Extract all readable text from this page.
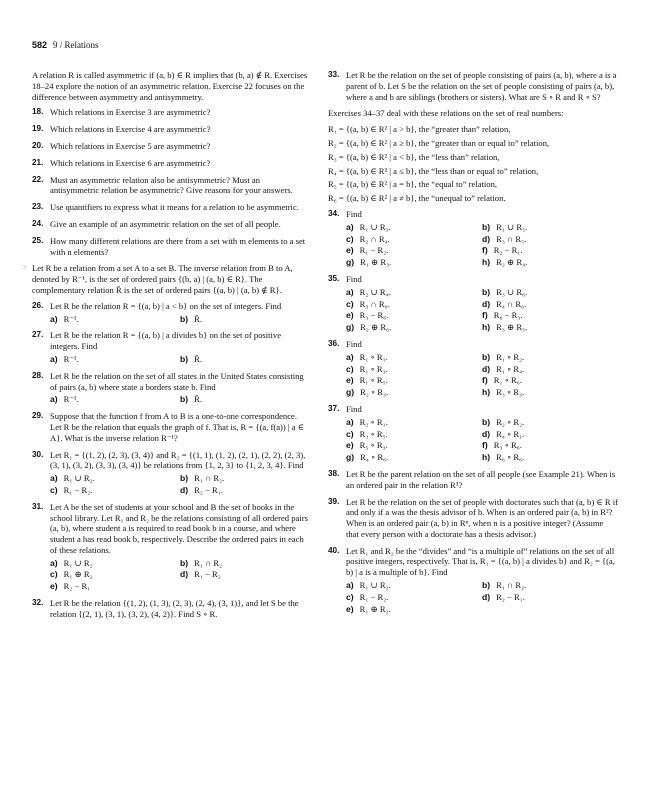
582 9 / Relations

A relation R is called asymmetric if (a, b) ∈ R implies that (b, a) ∉ R. Exercises 18–24 explore the notion of an asymmetric relation. Exercise 22 focuses on the difference between asymmetry and antisymmetry.

18. Which relations in Exercise 3 are asymmetric?
19. Which relations in Exercise 4 are asymmetric?
20. Which relations in Exercise 5 are asymmetric?
21. Which relations in Exercise 6 are asymmetric?
22. Must an asymmetric relation also be antisymmetric? Must an antisymmetric relation be asymmetric? Give reasons for your answers.
23. Use quantifiers to express what it means for a relation to be asymmetric.
24. Give an example of an asymmetric relation on the set of all people.
25. How many different relations are there from a set with m elements to a set with n elements?

☞ Let R be a relation from a set A to a set B. The inverse relation from B to A, denoted by R⁻¹, is the set of ordered pairs {(b, a) | (a, b) ∈ R}. The complementary relation R̄ is the set of ordered pairs {(a, b) | (a, b) ∉ R}.

26. Let R be the relation R = {(a, b) | a < b} on the set of integers. Find
a) R⁻¹.	b) R̄.
27. Let R be the relation R = {(a, b) | a divides b} on the set of positive integers. Find
a) R⁻¹.	b) R̄.
28. Let R be the relation on the set of all states in the United States consisting of pairs (a, b) where state a borders state b. Find
a) R⁻¹.	b) R̄.
29. Suppose that the function f from A to B is a one-to-one correspondence. Let R be the relation that equals the graph of f. That is, R = {(a, f(a)) | a ∈ A}. What is the inverse relation R⁻¹?
30. Let R₁ = {(1, 2), (2, 3), (3, 4)} and R₂ = {(1, 1), (1, 2), (2, 1), (2, 2), (2, 3), (3, 1), (3, 2), (3, 3), (3, 4)} be relations from {1, 2, 3} to {1, 2, 3, 4}. Find
a) R₁ ∪ R₂.	b) R₁ ∩ R₂.
c) R₁ − R₂.	d) R₂ − R₁.
31. Let A be the set of students at your school and B the set of books in the school library. Let R₁ and R₂ be the relations consisting of all ordered pairs (a, b), where student a is required to read book b in a course, and where student a has read book b, respectively. Describe the ordered pairs in each of these relations.
a) R₁ ∪ R₂	b) R₁ ∩ R₂
c) R₁ ⊕ R₂	d) R₁ − R₂
e) R₂ − R₁
32. Let R be the relation {(1, 2), (1, 3), (2, 3), (2, 4), (3, 1)}, and let S be the relation {(2, 1), (3, 1), (3, 2), (4, 2)}. Find S ∘ R.
33. Let R be the relation on the set of people consisting of pairs (a, b), where a is a parent of b. Let S be the relation on the set of people consisting of pairs (a, b), where a and b are siblings (brothers or sisters). What are S ∘ R and R ∘ S?

Exercises 34–37 deal with these relations on the set of real numbers:

R₁ = {(a, b) ∈ R² | a > b}, the “greater than” relation,
R₂ = {(a, b) ∈ R² | a ≥ b}, the “greater than or equal to” relation,
R₃ = {(a, b) ∈ R² | a < b}, the “less than” relation,
R₄ = {(a, b) ∈ R² | a ≤ b}, the “less than or equal to” relation,
R₅ = {(a, b) ∈ R² | a = b}, the “equal to” relation,
R₆ = {(a, b) ∈ R² | a ≠ b}, the “unequal to” relation.
34. Find
a) R₁ ∪ R₃.	b) R₁ ∪ R₅.
c) R₂ ∩ R₄.	d) R₃ ∩ R₅.
e) R₁ − R₂.	f) R₂ − R₁.
g) R₁ ⊕ R₃.	h) R₂ ⊕ R₄.
35. Find
a) R₂ ∪ R₄.	b) R₃ ∪ R₆.
c) R₃ ∩ R₆.	d) R₄ ∩ R₆.
e) R₃ − R₆.	f) R₆ − R₃.
g) R₂ ⊕ R₆.	h) R₃ ⊕ R₅.
36. Find
a) R₁ ∘ R₁.	b) R₁ ∘ R₂.
c) R₁ ∘ R₃.	d) R₁ ∘ R₄.
e) R₁ ∘ R₅.	f) R₁ ∘ R₆.
g) R₂ ∘ R₃.	h) R₃ ∘ R₃.
37. Find
a) R₂ ∘ R₁.	b) R₂ ∘ R₂.
c) R₃ ∘ R₅.	d) R₄ ∘ R₁.
e) R₅ ∘ R₃.	f) R₃ ∘ R₆.
g) R₄ ∘ R₆.	h) R₆ ∘ R₆.
38. Let R be the parent relation on the set of all people (see Example 21). When is an ordered pair in the relation R³?
39. Let R be the relation on the set of people with doctorates such that (a, b) ∈ R if and only if a was the thesis advisor of b. When is an ordered pair (a, b) in R²? When is an ordered pair (a, b) in Rⁿ, when n is a positive integer? (Assume that every person with a doctorate has a thesis advisor.)
40. Let R₁ and R₂ be the “divides” and “is a multiple of” relations on the set of all positive integers, respectively. That is, R₁ = {(a, b) | a divides b} and R₂ = {(a, b) | a is a multiple of b}. Find
a) R₁ ∪ R₂.	b) R₁ ∩ R₂.
c) R₁ − R₂.	d) R₂ − R₁.
e) R₁ ⊕ R₂.
